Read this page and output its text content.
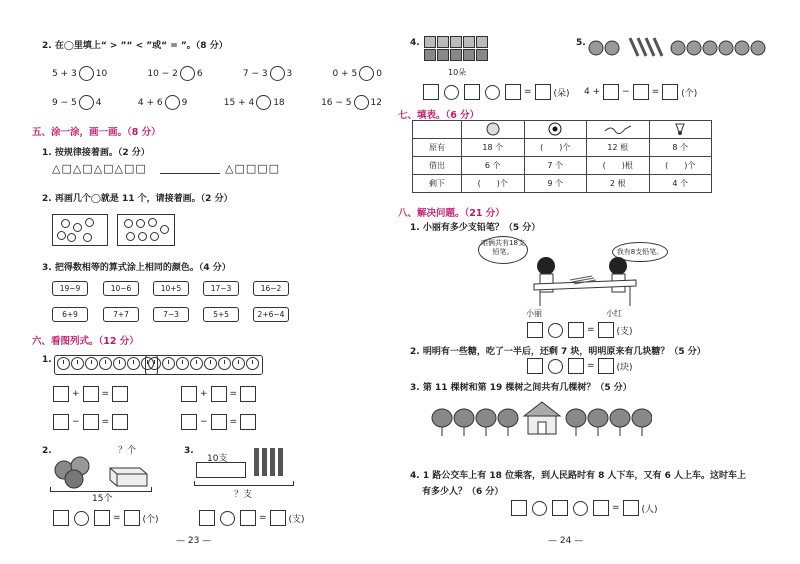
2. 在◯里填上“ > ”“ < ”或“ = ”。（8 分）
5 + 3 10	10 − 2 6	7 − 3 3	0 + 5 0
9 − 5 4	4 + 6 9	15 + 4 18	16 − 5 12
五、涂一涂，画一画。（8 分）
1. 按规律接着画。（2 分）
△□△□△□△□□	△□□□□
2. 再画几个◯就是 11 个，请接着画。（2 分）
3. 把得数相等的算式涂上相同的颜色。（4 分）
19−9	10−6	10+5	17−3	16−2
6+9	7+7	7−3	5+5	2+6−4
六、看图列式。（12 分）
1.
+ =	+ =
− =	− =
2.	？个
15个
3.
10支
？支
= (个)	= (支)
— 23 —
4.
10朵
= (朵)
5.
4 + − = (个)
七、填表。（6 分）

原有	18 个	(　　)个	12 根	8 个
借出	6 个	7 个	(　　)根	(　　)个
剩下	(　　)个	9 个	2 根	4 个
八、解决问题。（21 分）
1. 小丽有多少支铅笔？（5 分）
咱俩共有18支铅笔。	我有8支铅笔。
小丽	小红
= (支)
2. 明明有一些糖，吃了一半后，还剩 7 块，明明原来有几块糖？（5 分）
= (块)
3. 第 11 棵树和第 19 棵树之间共有几棵树？（5 分）
4. 1 路公交车上有 18 位乘客，到人民路时有 8 人下车，又有 6 人上车。这时车上
有多少人？（6 分）
= (人)
— 24 —
